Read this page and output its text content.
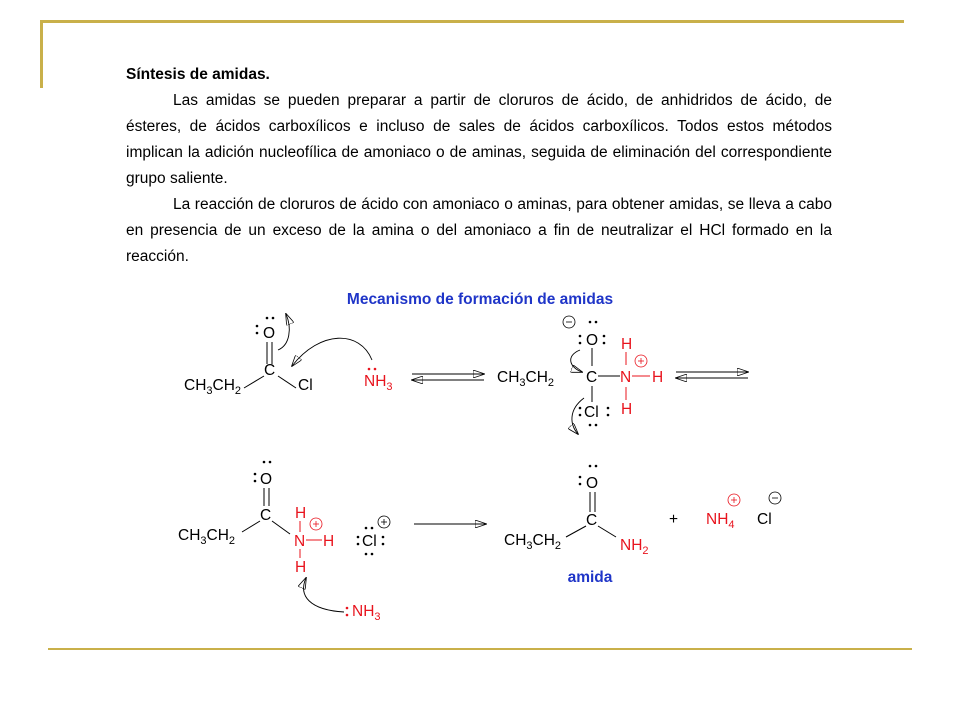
Síntesis de amidas.

Las amidas se pueden preparar a partir de cloruros de ácido, de anhidridos de ácido, de ésteres, de ácidos carboxílicos e incluso de sales de ácidos carboxílicos. Todos estos métodos implican la adición nucleofílica de amoniaco o de aminas, seguida de eliminación del correspondiente grupo saliente.

La reacción de cloruros de ácido con amoniaco o aminas, para obtener amidas, se lleva a cabo en presencia de un exceso de la amina o del amoniaco a fin de neutralizar el HCl formado en la reacción.

Mecanismo de formación de amidas
O
C
$CH_3CH_2$	Cl	$NH_3$
O
C
$CH_3CH_2$
Cl
N H
H
H
O
C
$CH_3CH_2$
H
N H
H
Cl
$NH_3$
O
C
$CH_3CH_2$	$NH_2$
amida
+ $NH_4$ Cl
